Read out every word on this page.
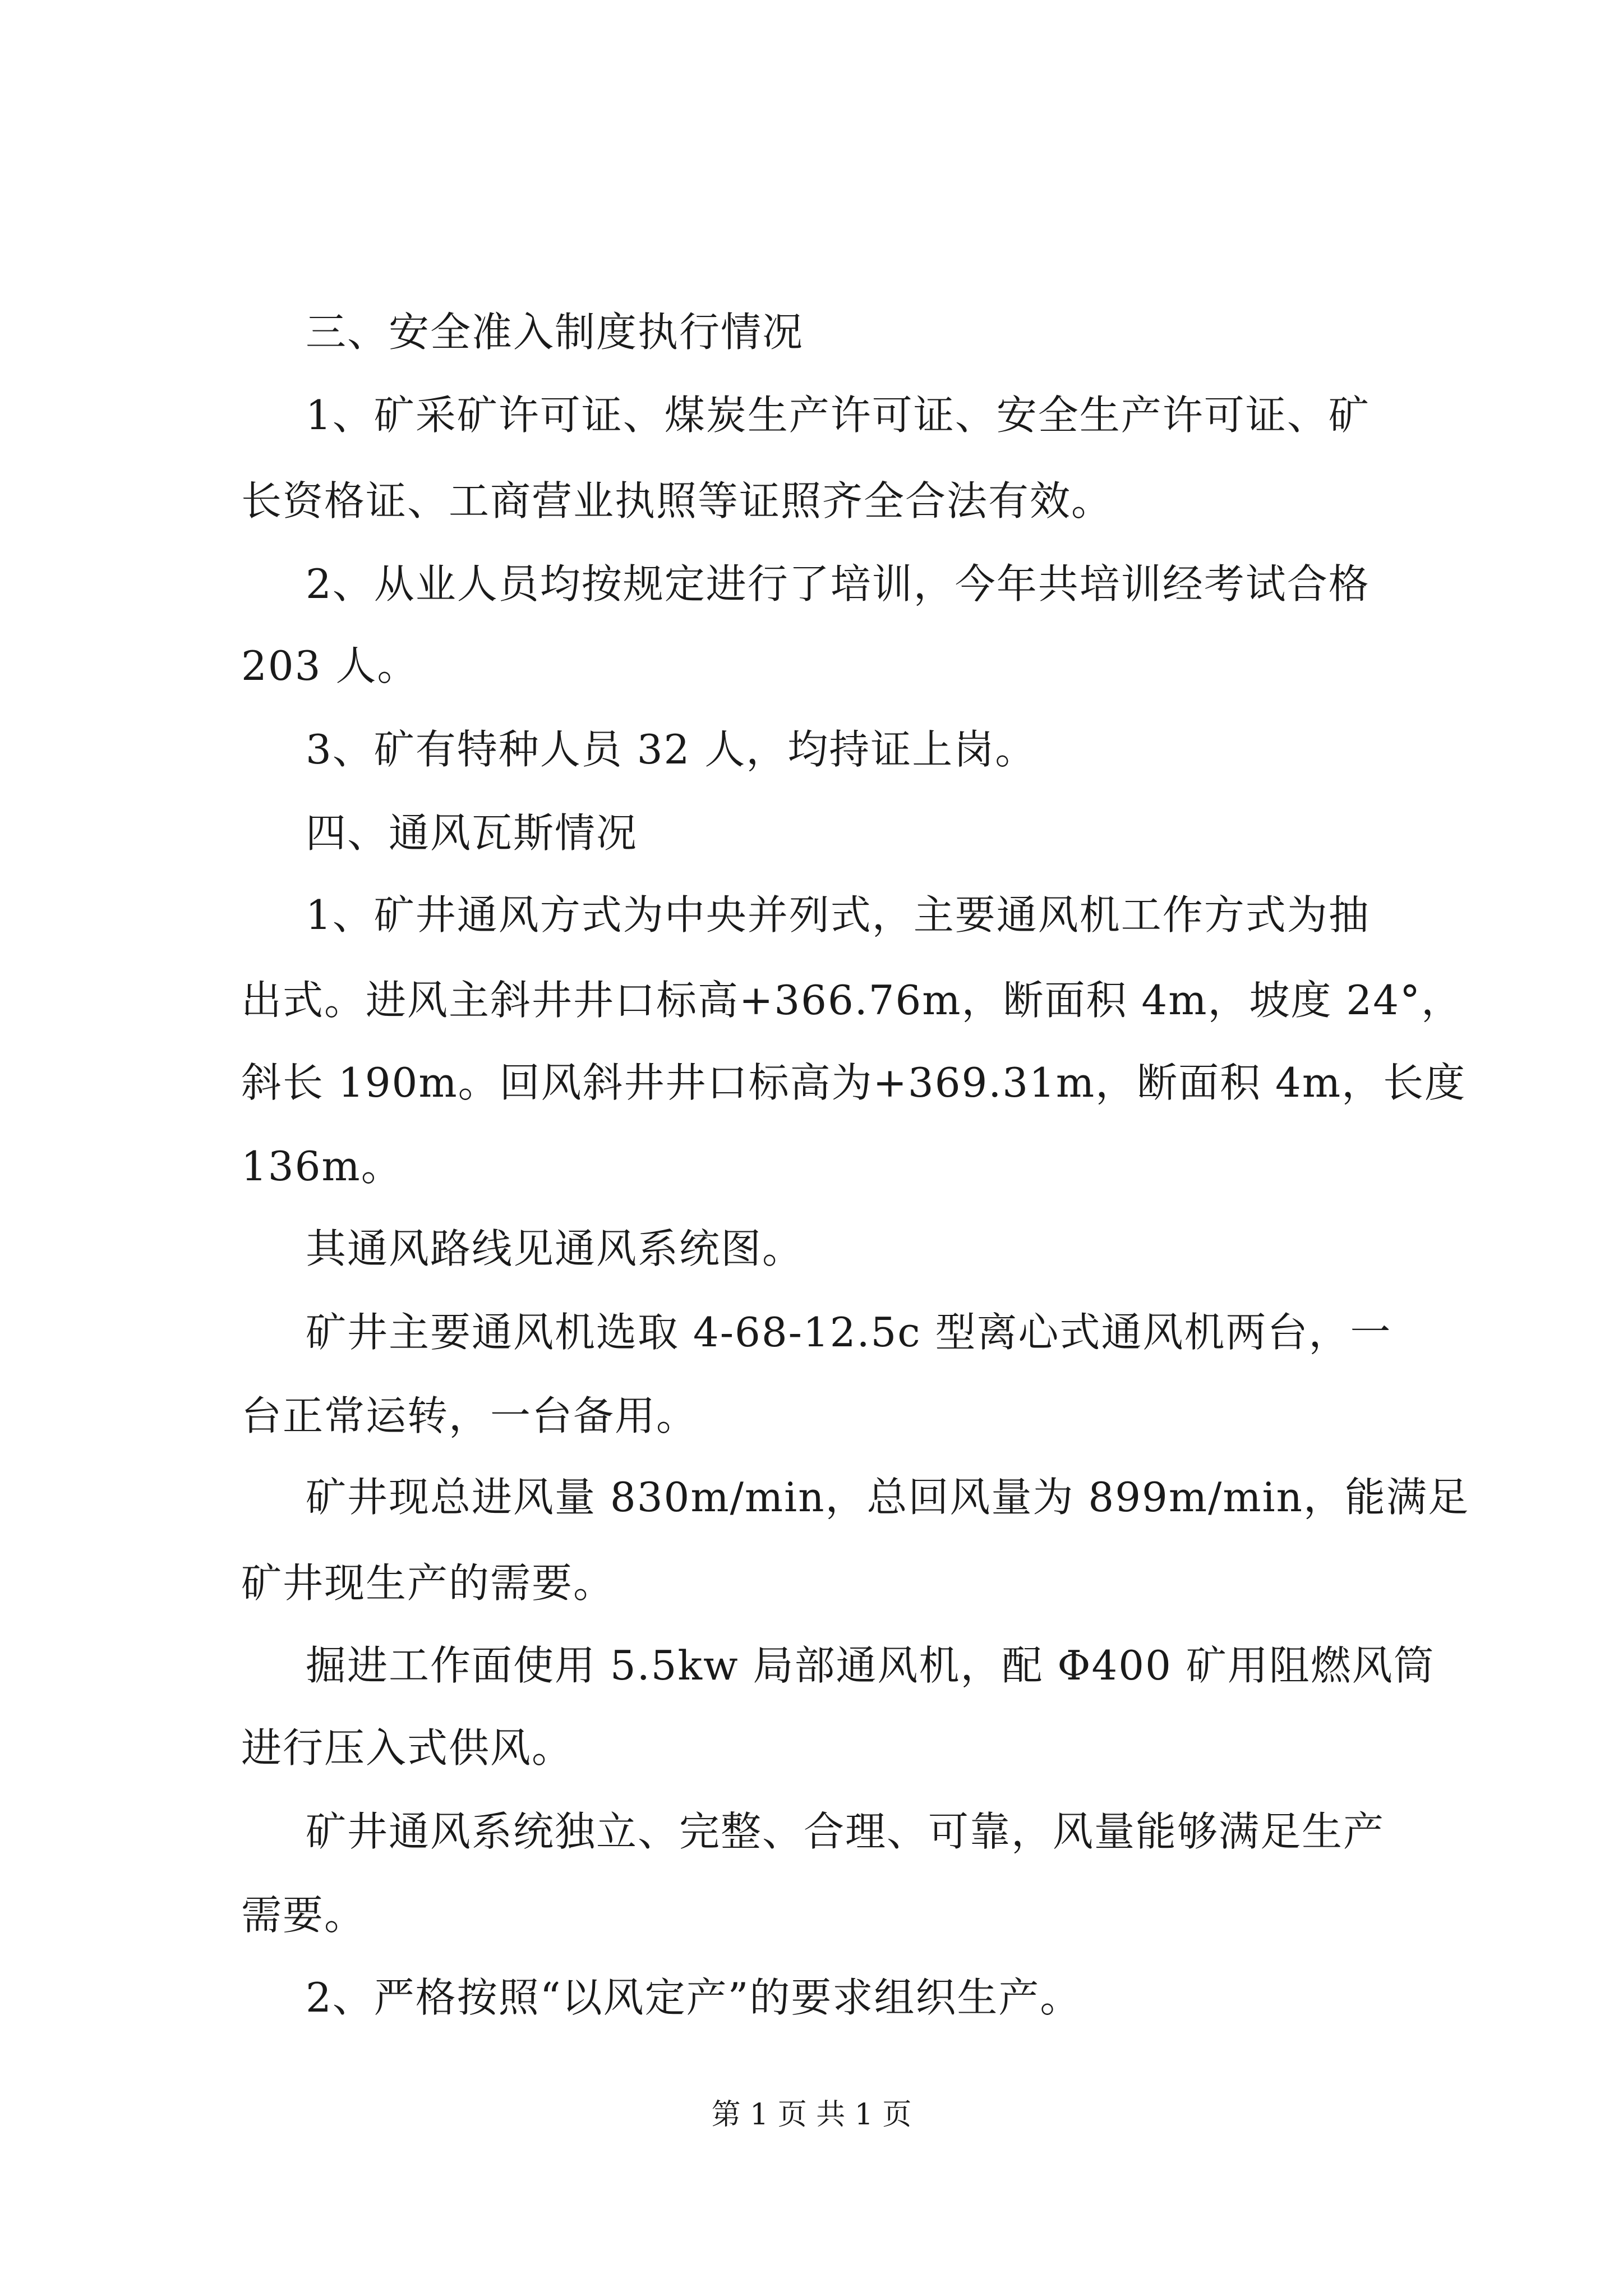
三、安全准入制度执行情况
1、矿采矿许可证、煤炭生产许可证、安全生产许可证、矿
长资格证、工商营业执照等证照齐全合法有效。
2、从业人员均按规定进行了培训，今年共培训经考试合格
203 人。
3、矿有特种人员 32 人，均持证上岗。
四、通风瓦斯情况
1、矿井通风方式为中央并列式，主要通风机工作方式为抽
出式。进风主斜井井口标高+366.76m，断面积 4m，坡度 24°，
斜长 190m。回风斜井井口标高为+369.31m，断面积 4m，长度
136m。
其通风路线见通风系统图。
矿井主要通风机选取 4-68-12.5c 型离心式通风机两台，一
台正常运转，一台备用。
矿井现总进风量 830m/min，总回风量为 899m/min，能满足
矿井现生产的需要。
掘进工作面使用 5.5kw 局部通风机，配 Φ400 矿用阻燃风筒
进行压入式供风。
矿井通风系统独立、完整、合理、可靠，风量能够满足生产
需要。
2、严格按照“以风定产”的要求组织生产。
第 1 页 共 1 页
